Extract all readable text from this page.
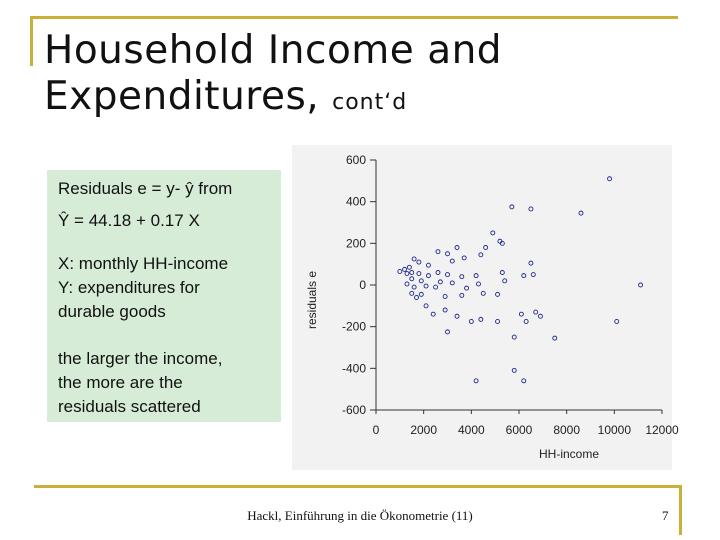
Household Income and
Expenditures, cont‘d
Residuals e = y- ŷ from
Ŷ = 44.18 + 0.17 X
X: monthly HH-income
Y: expenditures for
durable goods
the larger the income,
the more are the
residuals scattered
600
400
200
0
-200
-400
-600
0	2000 4000 6000 8000 10000 12000
HH-income
residuals e
Hackl, Einführung in die Ökonometrie (11)	7
